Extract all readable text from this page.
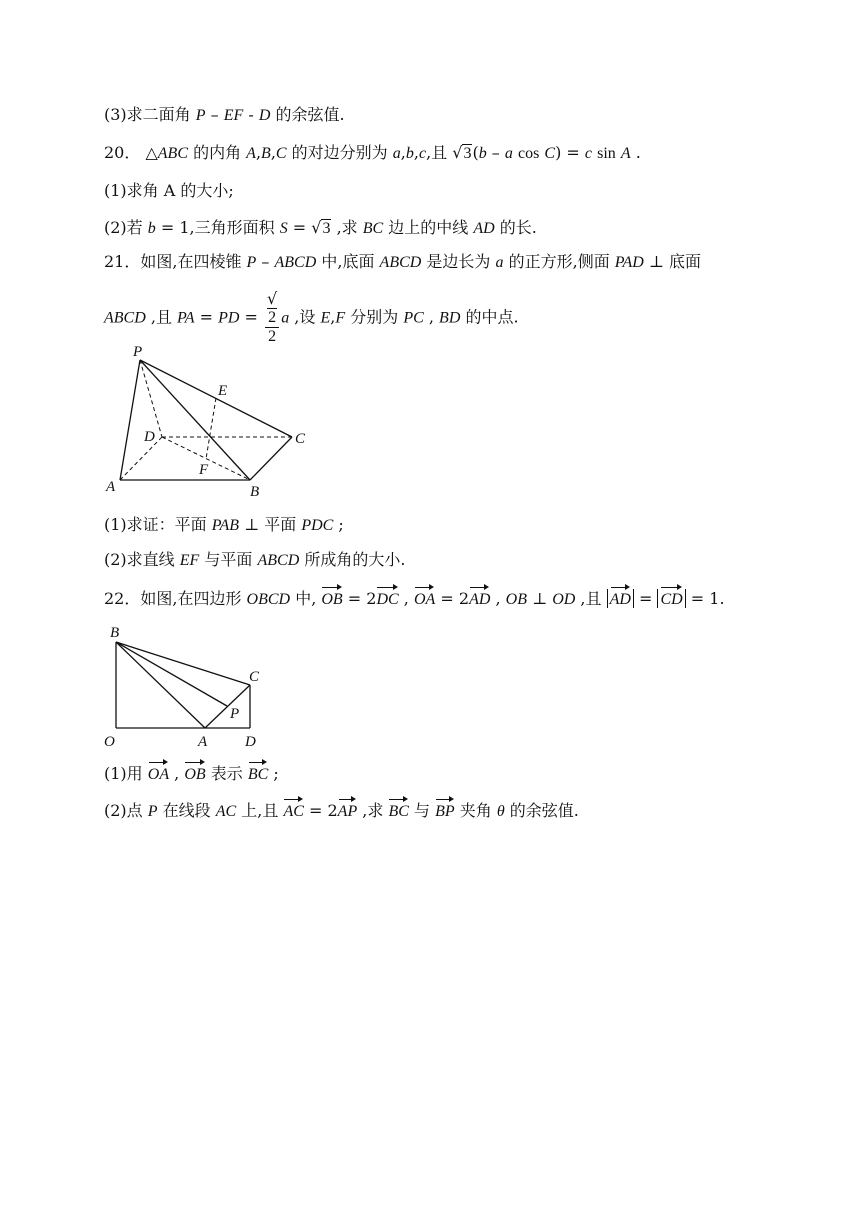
(3)求二面角 P – EF - D 的余弦值.
20． △ABC 的内角 A,B,C 的对边分别为 a,b,c,且 √3(b – a cos C) = c sin A .
(1)求角 A 的大小;
(2)若 b = 1,三角形面积 S = √3 ,求 BC 边上的中线 AD 的长.
21．如图,在四棱锥 P – ABCD 中,底面 ABCD 是边长为 a 的正方形,侧面 PAD ⊥ 底面
ABCD ,且 PA = PD = √
2
2 a ,设 E,F 分别为 PC , BD 的中点.
P
E
D	C
F
A	B
(1)求证：平面 PAB ⊥ 平面 PDC ;
(2)求直线 EF 与平面 ABCD 所成角的大小.
22．如图,在四边形 OBCD 中, OB = 2DC , OA = 2AD , OB ⊥ OD ,且 AD = CD = 1.
B
C
P
O	A	D
(1)用 OA , OB 表示 BC ;
(2)点 P 在线段 AC 上,且 AC = 2AP ,求 BC 与 BP 夹角 θ 的余弦值.
